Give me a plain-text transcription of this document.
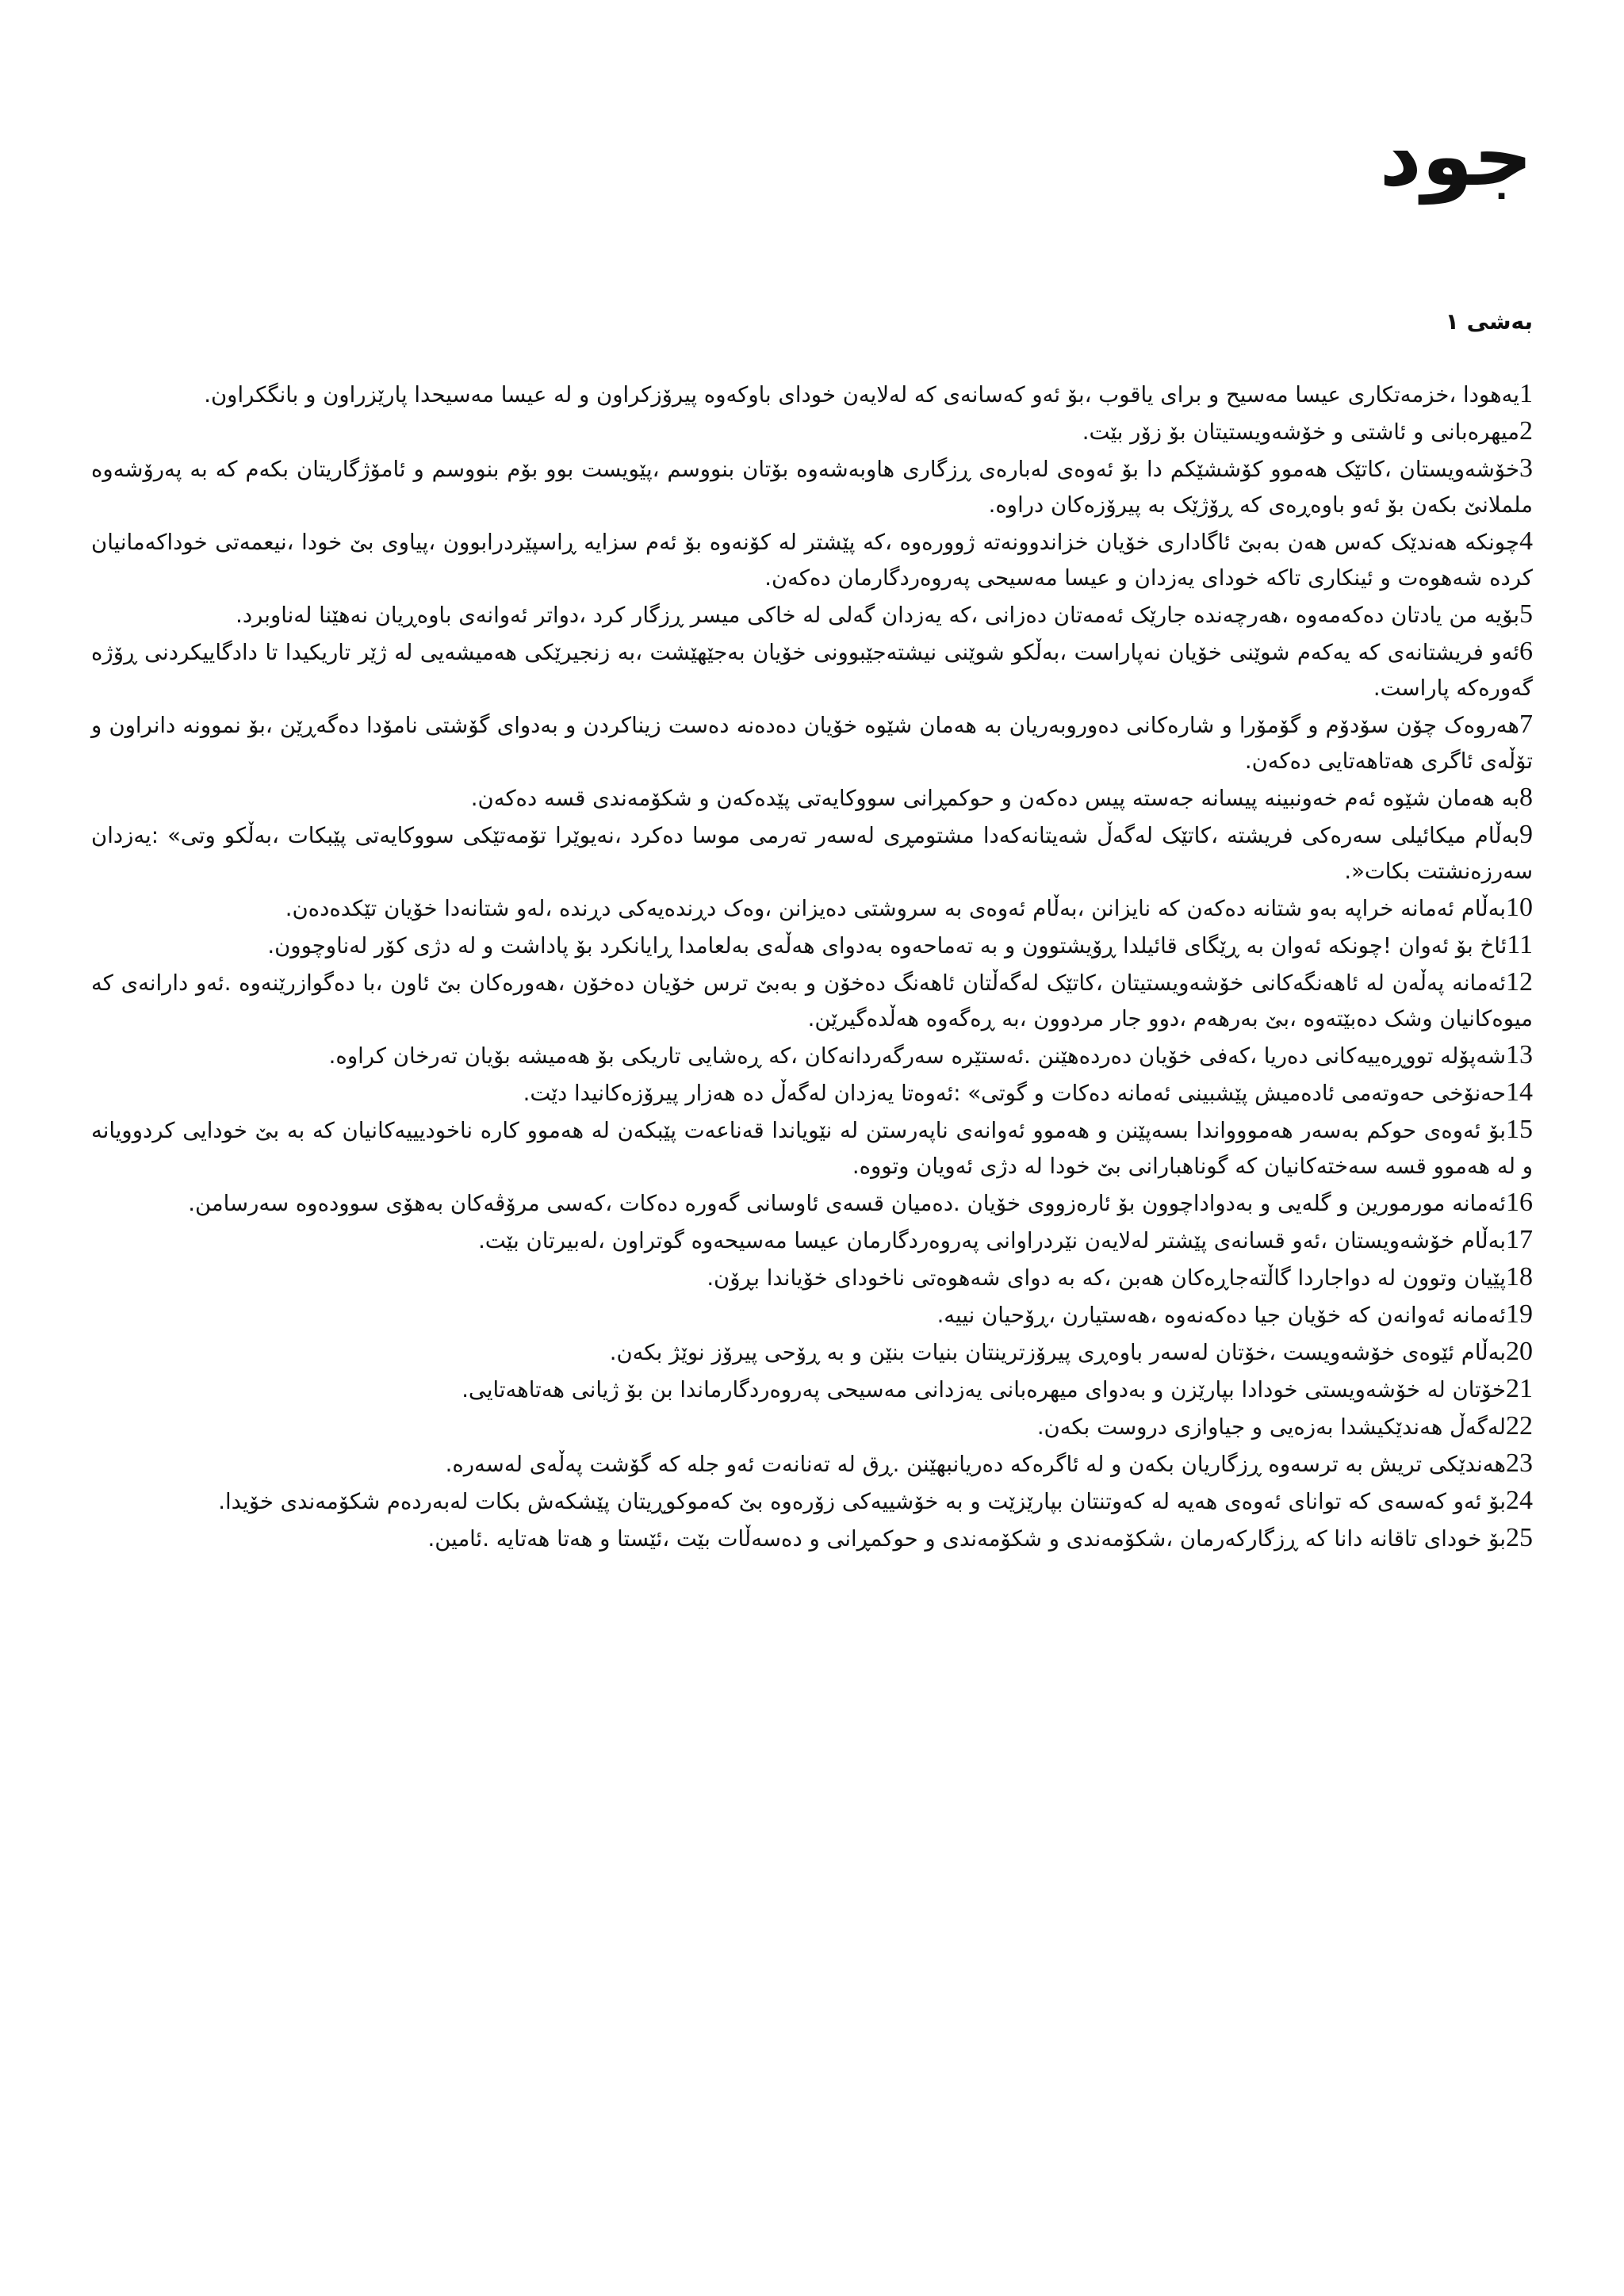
جود
بەشی ١

1یەهودا ،خزمەتکاری عیسا مەسیح و برای یاقوب ،بۆ ئەو کەسانەی کە لەلایەن خودای باوکەوە پیرۆزکراون و لە عیسا مەسیحدا پارێزراون و بانگکراون.

2میهرەبانی و ئاشتی و خۆشەویستیتان بۆ زۆر بێت.

3خۆشەویستان ،کاتێک هەموو کۆششێکم دا بۆ ئەوەی لەبارەی ڕزگاری هاوبەشەوە بۆتان بنووسم ،پێویست بوو بۆم بنووسم و ئامۆژگاریتان بکەم کە بە پەرۆشەوە ململانێ بکەن بۆ ئەو باوەڕەی کە ڕۆژێک بە پیرۆزەکان دراوە.

4چونکە هەندێک کەس هەن بەبێ ئاگاداری خۆیان خزاندوونەتە ژوورەوە ،کە پێشتر لە کۆنەوە بۆ ئەم سزایە ڕاسپێردرابوون ،پیاوی بێ خودا ،نیعمەتی خوداکەمانیان کردە شەهوەت و ئینکاری تاکە خودای یەزدان و عیسا مەسیحی پەروەردگارمان دەکەن.

5بۆیە من یادتان دەکەمەوە ،هەرچەندە جارێک ئەمەتان دەزانی ،کە یەزدان گەلی لە خاکی میسر ڕزگار کرد ،دواتر ئەوانەی باوەڕیان نەهێنا لەناوبرد.

6ئەو فریشتانەی کە یەکەم شوێنی خۆیان نەپاراست ،بەڵکو شوێنی نیشتەجێبوونی خۆیان بەجێهێشت ،بە زنجیرێکی هەمیشەیی لە ژێر تاریکیدا تا دادگاییکردنی ڕۆژە گەورەکە پاراست.

7هەروەک چۆن سۆدۆم و گۆمۆرا و شارەکانی دەوروبەریان بە هەمان شێوە خۆیان دەدەنە دەست زیناکردن و بەدوای گۆشتی نامۆدا دەگەڕێن ،بۆ نموونە دانراون و تۆڵەی ئاگری هەتاهەتایی دەکەن.

8بە هەمان شێوە ئەم خەونبینە پیسانە جەستە پیس دەکەن و حوکمڕانی سووکایەتی پێدەکەن و شکۆمەندی قسە دەکەن.

9بەڵام میکائیلی سەرەکی فریشتە ،کاتێک لەگەڵ شەیتانەکەدا مشتومڕی لەسەر تەرمی موسا دەکرد ،نەیوێرا تۆمەتێکی سووکایەتی پێبکات ،بەڵکو وتی» :یەزدان سەرزەنشتت بکات«.

10بەڵام ئەمانە خراپە بەو شتانە دەکەن کە نایزانن ،بەڵام ئەوەی بە سروشتی دەیزانن ،وەک دڕندەیەکی دڕندە ،لەو شتانەدا خۆیان تێکدەدەن.

11ئاخ بۆ ئەوان !چونکە ئەوان بە ڕێگای قائیلدا ڕۆیشتوون و بە تەماحەوە بەدوای هەڵەی بەلعامدا ڕایانکرد بۆ پاداشت و لە دژی کۆر لەناوچوون.

12ئەمانە پەڵەن لە ئاهەنگەکانی خۆشەویستیتان ،کاتێک لەگەڵتان ئاهەنگ دەخۆن و بەبێ ترس خۆیان دەخۆن ،هەورەکان بێ ئاون ،با دەگوازرێنەوە .ئەو دارانەی کە میوەکانیان وشک دەبێتەوە ،بێ بەرهەم ،دوو جار مردوون ،بە ڕەگەوە هەڵدەگیرێن.

13شەپۆلە تووڕەییەکانی دەریا ،کەفی خۆیان دەردەهێنن .ئەستێرە سەرگەردانەکان ،کە ڕەشایی تاریکی بۆ هەمیشە بۆیان تەرخان کراوە.

14حەنۆخی حەوتەمی ئادەمیش پێشبینی ئەمانە دەکات و گوتی» :ئەوەتا یەزدان لەگەڵ دە هەزار پیرۆزەکانیدا دێت.

15بۆ ئەوەی حوکم بەسەر هەمووواندا بسەپێنن و هەموو ئەوانەی ناپەرستن لە نێویاندا قەناعەت پێبکەن لە هەموو کارە ناخودیییەکانیان کە بە بێ خودایی کردوویانە و لە هەموو قسە سەختەکانیان کە گوناهبارانی بێ خودا لە دژی ئەویان وتووە.

16ئەمانە مورمورین و گلەیی و بەدواداچوون بۆ ئارەزووی خۆیان .دەمیان قسەی ئاوسانی گەورە دەکات ،کەسی مرۆڤەکان بەهۆی سوودەوە سەرسامن.

17بەڵام خۆشەویستان ،ئەو قسانەی پێشتر لەلایەن نێردراوانی پەروەردگارمان عیسا مەسیحەوە گوتراون ،لەبیرتان بێت.

18پێیان وتوون لە دواجاردا گاڵتەجاڕەکان هەبن ،کە بە دوای شەهوەتی ناخودای خۆیاندا بڕۆن.

19ئەمانە ئەوانەن کە خۆیان جیا دەکەنەوە ،هەستیارن ،ڕۆحیان نییە.

20بەڵام ئێوەی خۆشەویست ،خۆتان لەسەر باوەڕی پیرۆزترینتان بنیات بنێن و بە ڕۆحی پیرۆز نوێژ بکەن.

21خۆتان لە خۆشەویستی خودادا بپارێزن و بەدوای میهرەبانی یەزدانی مەسیحی پەروەردگارماندا بن بۆ ژیانی هەتاهەتایی.

22لەگەڵ هەندێکیشدا بەزەیی و جیاوازی دروست بکەن.

23هەندێکی تریش بە ترسەوە ڕزگاریان بکەن و لە ئاگرەکە دەریانبهێنن .ڕق لە تەنانەت ئەو جلە کە گۆشت پەڵەی لەسەرە.

24بۆ ئەو کەسەی کە توانای ئەوەی هەیە لە کەوتنتان بپارێزێت و بە خۆشییەکی زۆرەوە بێ کەموکوڕیتان پێشکەش بکات لەبەردەم شکۆمەندی خۆیدا.

25بۆ خودای تاقانە دانا کە ڕزگارکەرمان ،شکۆمەندی و شکۆمەندی و حوکمڕانی و دەسەڵات بێت ،ئێستا و هەتا هەتایە .ئامین.
